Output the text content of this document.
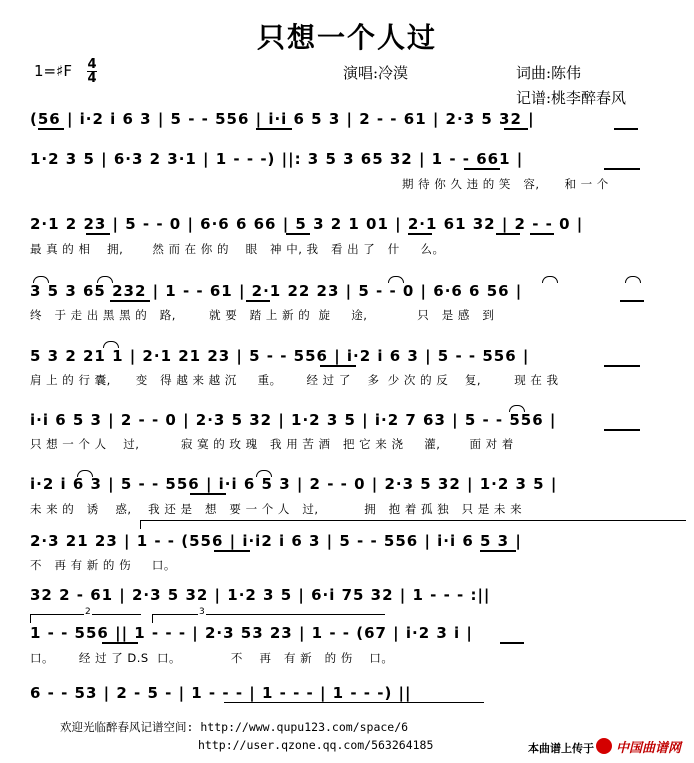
只想一个人过
1=♯F 4
4	演唱:冷漠	词曲:陈伟
记谱:桃李醉春风
(56 | i·2 i 6 3 | 5 - - 556 | i·i 6 5 3 | 2 - - 61 | 2·3 5 32 |
1·2 3 5 | 6·3 2 3·1 | 1 - - -) ||: 3 5 3 65 32 | 1 - - 661 |
期 待 你 久 违 的 笑   容,      和 一 个
2·1 2 23 | 5 - - 0 | 6·6 6 66 | 5 3 2 1 01 | 2·1 61 32 | 2 - - 0 |
最 真 的 相    拥,       然 而 在 你 的    眼   神 中, 我   看 出 了   什     么。
3 5 3 65 232 | 1 - - 61 | 2·1 22 23 | 5 - - 0 | 6·6 6 56 |
终   于 走 出 黑 黑 的   路,        就 要   踏 上 新 的  旋     途,            只   是 感   到
5 3 2 21 1 | 2·1 21 23 | 5 - - 556 | i·2 i 6 3 | 5 - - 556 |
肩 上 的 行 囊,      变   得 越 来 越 沉     重。      经 过 了    多  少 次 的 反    复,        现 在 我
i·i 6 5 3 | 2 - - 0 | 2·3 5 32 | 1·2 3 5 | i·2 7 63 | 5 - - 556 |
只 想 一 个 人    过,          寂 寞 的 玫 瑰   我 用 苦 酒   把 它 来 浇     灌,       面 对 着
i·2 i 6 3 | 5 - - 556 | i·i 6 5 3 | 2 - - 0 | 2·3 5 32 | 1·2 3 5 |
未 来 的   诱    惑,    我 还 是   想   要 一 个 人   过,           拥   抱 着 孤 独   只 是 未 来
2·3 21 23 | 1 - - (556 | i·i2 i 6 3 | 5 - - 556 | i·i 6 5 3 |
不   再 有 新 的 伤     口。
32 2 - 61 | 2·3 5 32 | 1·2 3 5 | 6·i 75 32 | 1 - - - :||
2	3
1 - - 556 || 1 - - - | 2·3 53 23 | 1 - - (67 | i·2 3 i |
口。      经 过 了 D.S  口。            不    再   有 新   的 伤    口。
6 - - 53 | 2 - 5 - | 1 - - - | 1 - - - | 1 - - -) ||
欢迎光临醉春风记谱空间: http://www.qupu123.com/space/6
http://user.qzone.qq.com/563264185	本曲谱上传于 中国曲谱网
